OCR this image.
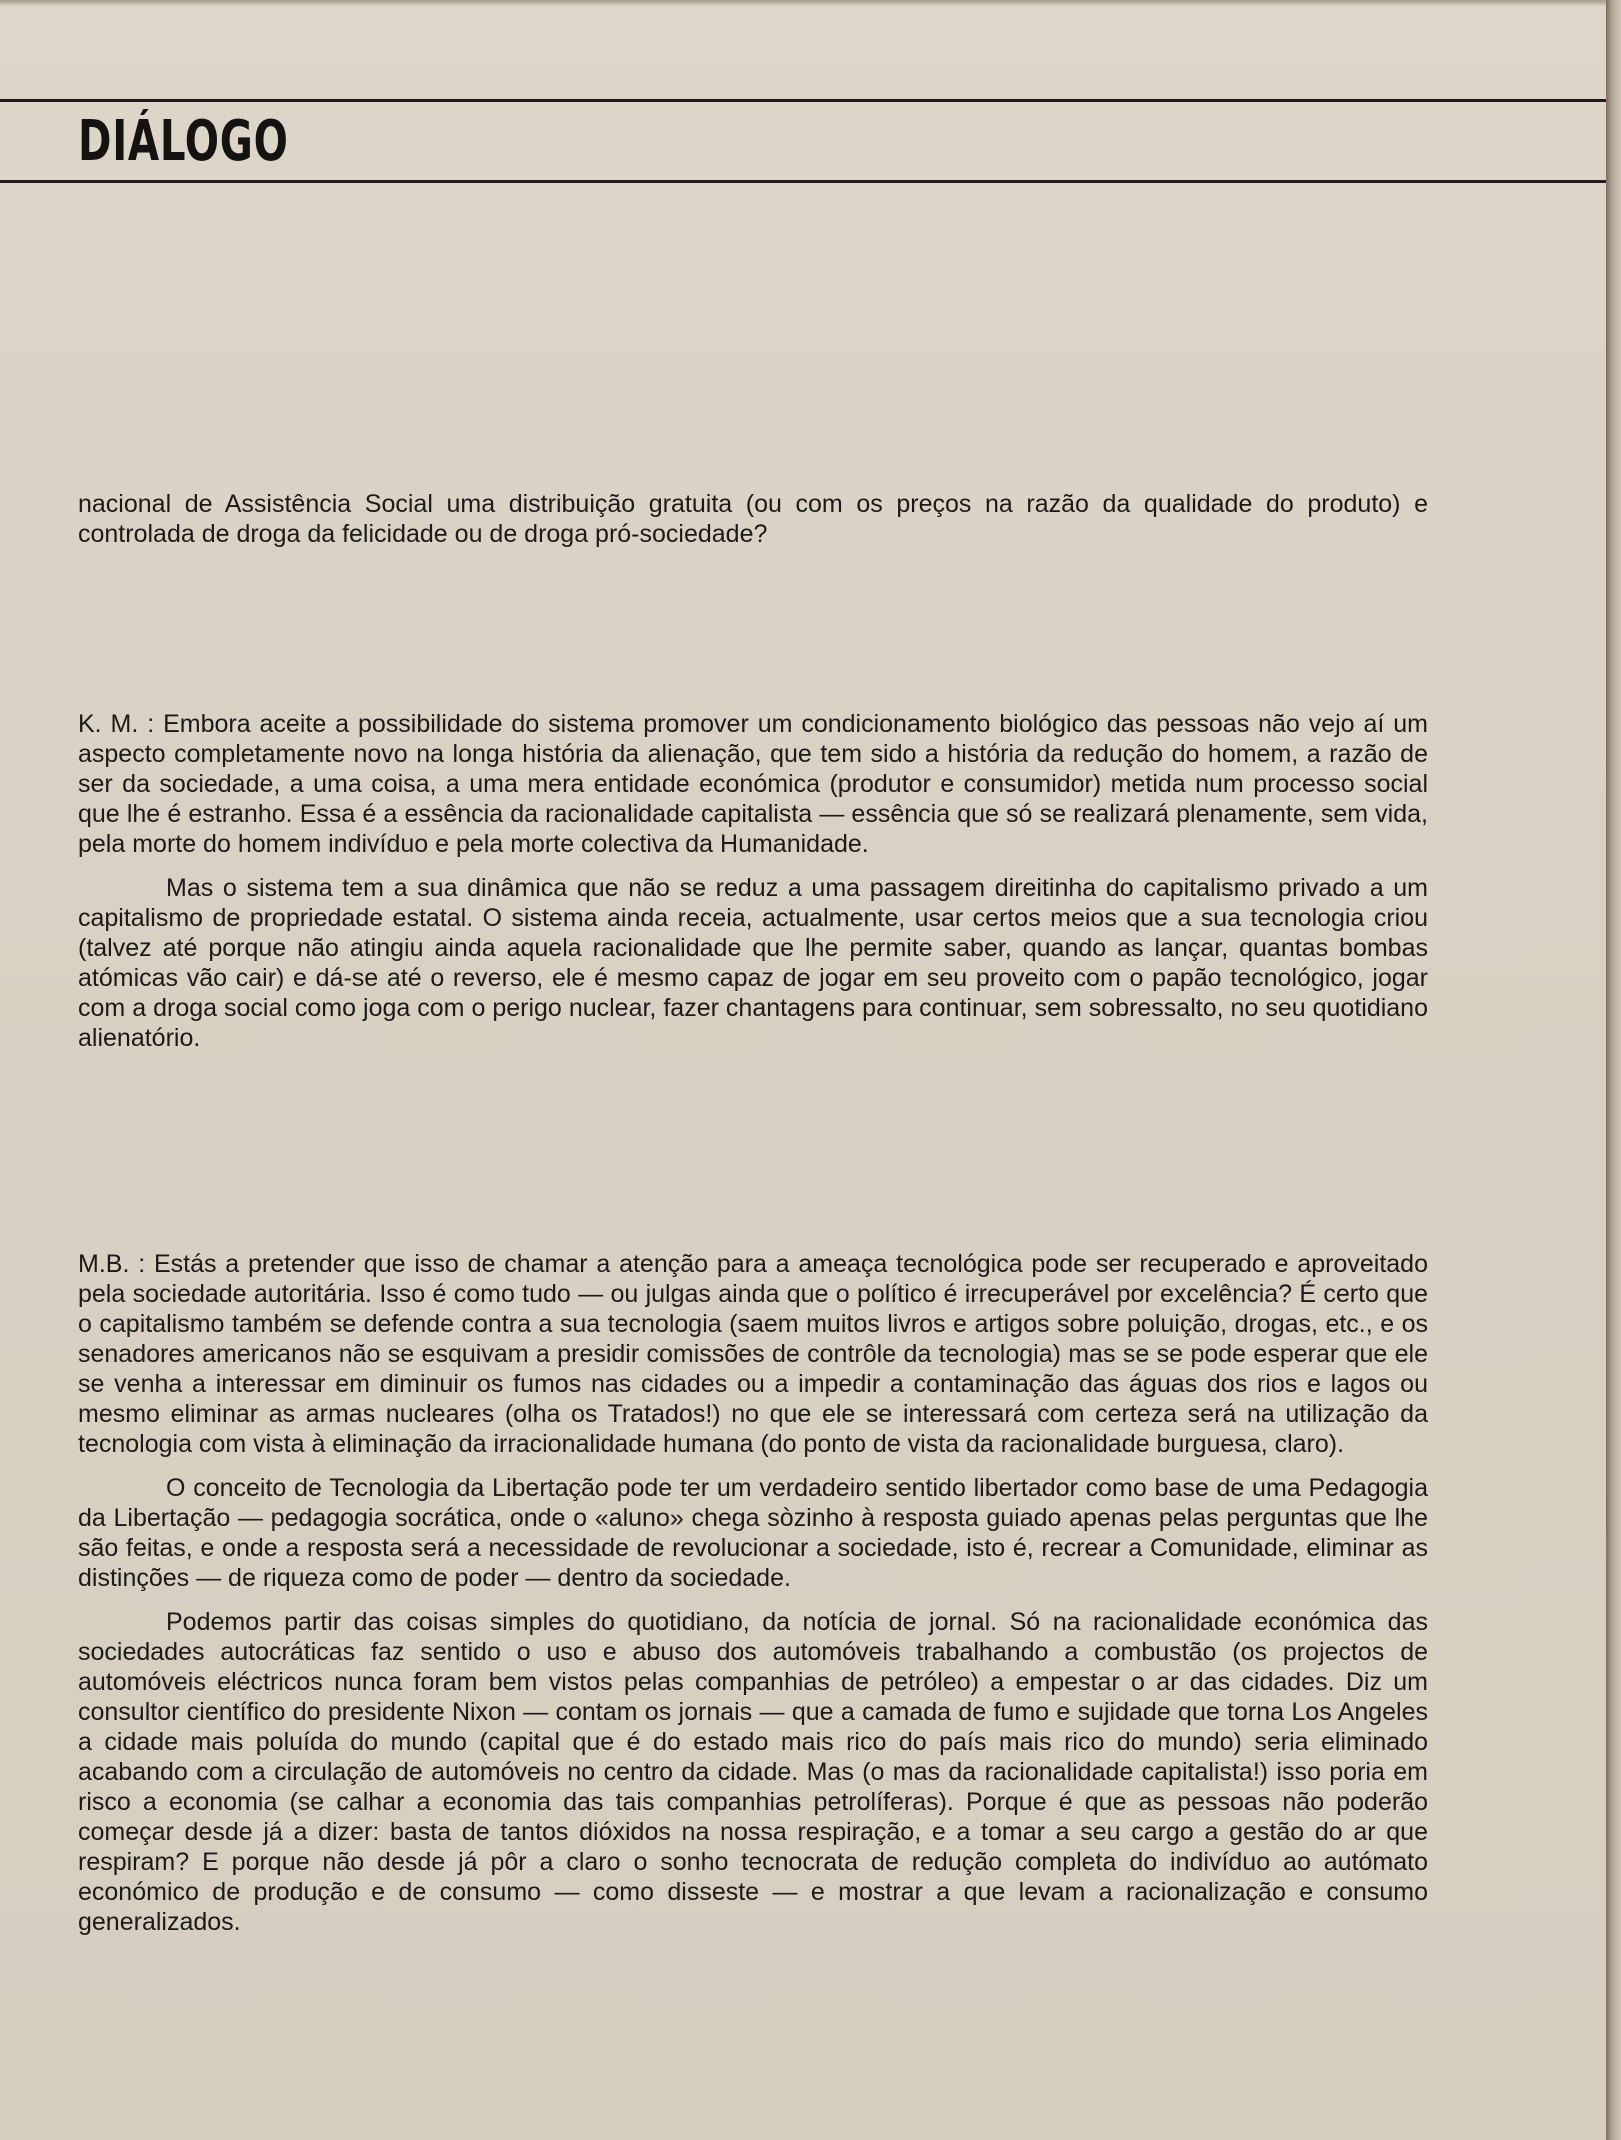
DIÁLOGO

nacional de Assistência Social uma distribuição gratuita (ou com os preços na razão da qualidade do produto) e controlada de droga da felicidade ou de droga pró-sociedade?

K. M. : Embora aceite a possibilidade do sistema promover um condicionamento biológico das pessoas não vejo aí um aspecto completamente novo na longa história da alienação, que tem sido a história da redução do homem, a razão de ser da sociedade, a uma coisa, a uma mera entidade económica (produtor e consumidor) metida num processo social que lhe é estranho. Essa é a essência da racionalidade capitalista — essência que só se realizará plenamente, sem vida, pela morte do homem indivíduo e pela morte colectiva da Humanidade.

Mas o sistema tem a sua dinâmica que não se reduz a uma passagem direitinha do capitalismo privado a um capitalismo de propriedade estatal. O sistema ainda receia, actualmente, usar certos meios que a sua tecnologia criou (talvez até porque não atingiu ainda aquela racionalidade que lhe permite saber, quando as lançar, quantas bombas atómicas vão cair) e dá-se até o reverso, ele é mesmo capaz de jogar em seu proveito com o papão tecnológico, jogar com a droga social como joga com o perigo nuclear, fazer chantagens para continuar, sem sobressalto, no seu quotidiano alienatório.

M.B. : Estás a pretender que isso de chamar a atenção para a ameaça tecnológica pode ser recuperado e aproveitado pela sociedade autoritária. Isso é como tudo — ou julgas ainda que o político é irrecuperável por excelência? É certo que o capitalismo também se defende contra a sua tecnologia (saem muitos livros e artigos sobre poluição, drogas, etc., e os senadores americanos não se esquivam a presidir comissões de contrôle da tecnologia) mas se se pode esperar que ele se venha a interessar em diminuir os fumos nas cidades ou a impedir a contaminação das águas dos rios e lagos ou mesmo eliminar as armas nucleares (olha os Tratados!) no que ele se interessará com certeza será na utilização da tecnologia com vista à eliminação da irracionalidade humana (do ponto de vista da racionalidade burguesa, claro).

O conceito de Tecnologia da Libertação pode ter um verdadeiro sentido libertador como base de uma Pedagogia da Libertação — pedagogia socrática, onde o «aluno» chega sòzinho à resposta guiado apenas pelas perguntas que lhe são feitas, e onde a resposta será a necessidade de revolucionar a sociedade, isto é, recrear a Comunidade, eliminar as distinções — de riqueza como de poder — dentro da sociedade.

Podemos partir das coisas simples do quotidiano, da notícia de jornal. Só na racionalidade económica das sociedades autocráticas faz sentido o uso e abuso dos automóveis trabalhando a combustão (os projectos de automóveis eléctricos nunca foram bem vistos pelas companhias de petróleo) a empestar o ar das cidades. Diz um consultor científico do presidente Nixon — contam os jornais — que a camada de fumo e sujidade que torna Los Angeles a cidade mais poluída do mundo (capital que é do estado mais rico do país mais rico do mundo) seria eliminado acabando com a circulação de automóveis no centro da cidade. Mas (o mas da racionalidade capitalista!) isso poria em risco a economia (se calhar a economia das tais companhias petrolíferas). Porque é que as pessoas não poderão começar desde já a dizer: basta de tantos dióxidos na nossa respiração, e a tomar a seu cargo a gestão do ar que respiram? E porque não desde já pôr a claro o sonho tecnocrata de redução completa do indivíduo ao autómato económico de produção e de consumo — como disseste — e mostrar a que levam a racionalização e consumo generalizados.
